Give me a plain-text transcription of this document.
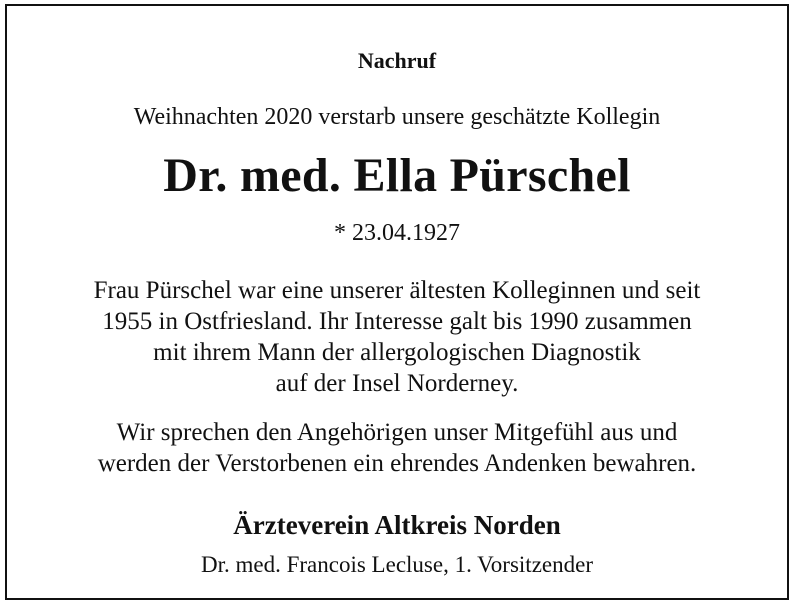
Nachruf
Weihnachten 2020 verstarb unsere geschätzte Kollegin
Dr. med. Ella Pürschel
* 23.04.1927
Frau Pürschel war eine unserer ältesten Kolleginnen und seit
1955 in Ostfriesland. Ihr Interesse galt bis 1990 zusammen
mit ihrem Mann der allergologischen Diagnostik
auf der Insel Norderney.
Wir sprechen den Angehörigen unser Mitgefühl aus und
werden der Verstorbenen ein ehrendes Andenken bewahren.
Ärzteverein Altkreis Norden
Dr. med. Francois Lecluse, 1. Vorsitzender
